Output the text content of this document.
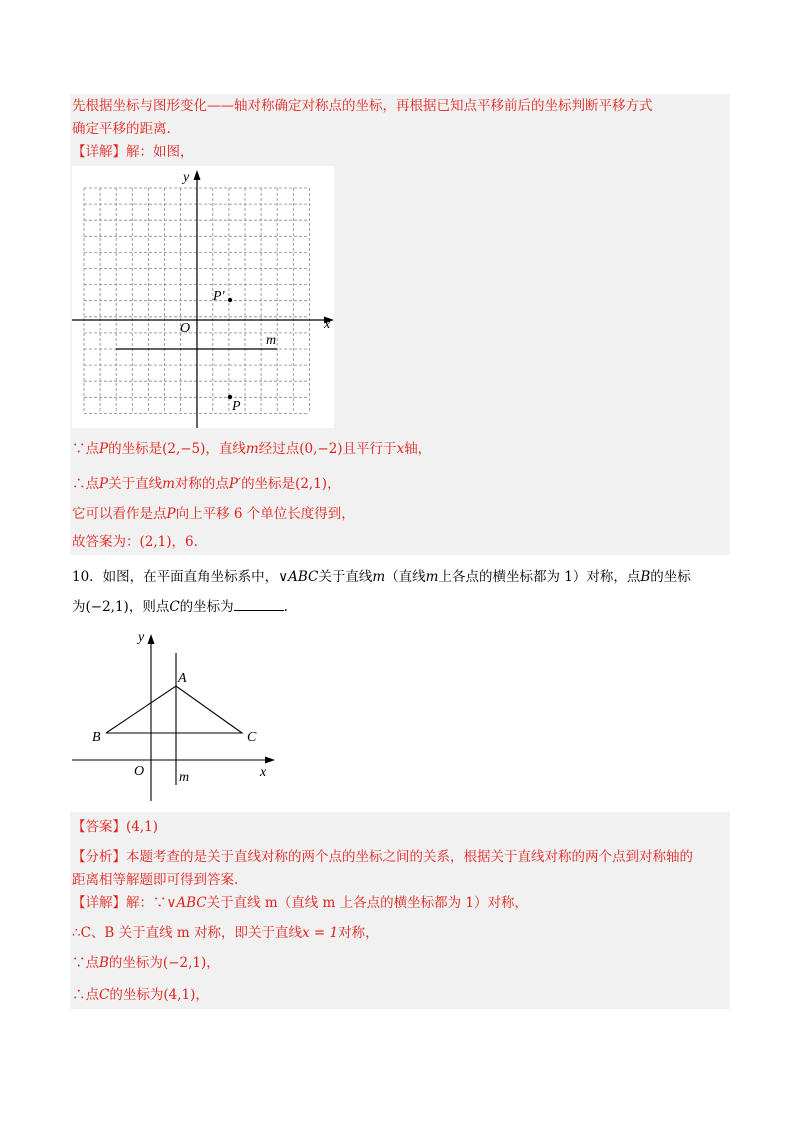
先根据坐标与图形变化——轴对称确定对称点的坐标，再根据已知点平移前后的坐标判断平移方式
确定平移的距离.
【详解】解：如图，
y
x
O
m
P′
P
∵点P的坐标是(2,−5)，直线m经过点(0,−2)且平行于x轴，
∴点P关于直线m对称的点P′的坐标是(2,1)，
它可以看作是点P向上平移 6 个单位长度得到，
故答案为：(2,1)，6.
10．如图，在平面直角坐标系中，∨ABC关于直线m（直线m上各点的横坐标都为 1）对称，点B的坐标
为(−2,1)，则点C的坐标为	.
y
x
O m
A
B	C
【答案】(4,1)
【分析】本题考查的是关于直线对称的两个点的坐标之间的关系，根据关于直线对称的两个点到对称轴的
距离相等解题即可得到答案.
【详解】解：∵∨ABC关于直线 m（直线 m 上各点的横坐标都为 1）对称，
∴C、B 关于直线 m 对称，即关于直线x = 1对称，
∵点B的坐标为(−2,1)，
∴点C的坐标为(4,1)，
